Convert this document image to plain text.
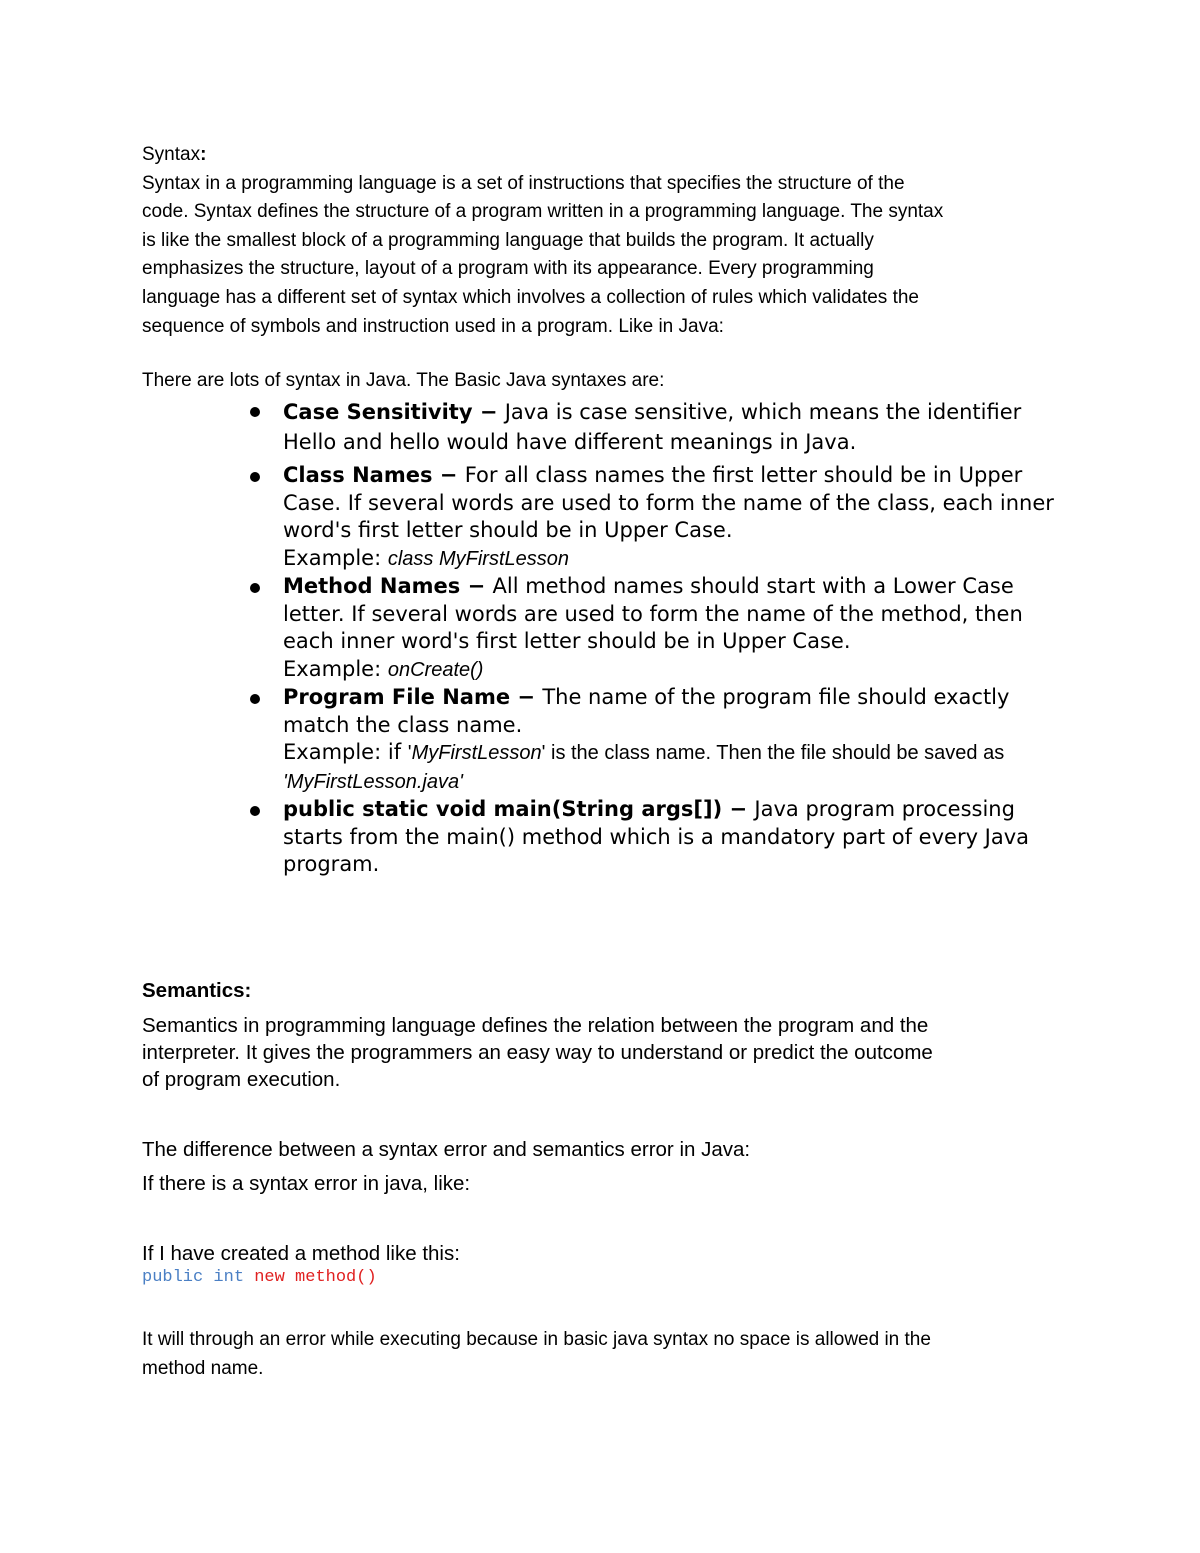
Syntax:
Syntax in a programming language is a set of instructions that specifies the structure of the
code. Syntax defines the structure of a program written in a programming language. The syntax
is like the smallest block of a programming language that builds the program. It actually
emphasizes the structure, layout of a program with its appearance. Every programming
language has a different set of syntax which involves a collection of rules which validates the
sequence of symbols and instruction used in a program. Like in Java:
There are lots of syntax in Java. The Basic Java syntaxes are:
Case Sensitivity − Java is case sensitive, which means the identifier Hello and hello would have different meanings in Java.
Class Names − For all class names the first letter should be in Upper Case. If several words are used to form the name of the class, each inner word's first letter should be in Upper Case.
Example: class MyFirstLesson
Method Names − All method names should start with a Lower Case letter. If several words are used to form the name of the method, then each inner word's first letter should be in Upper Case.
Example: onCreate()
Program File Name − The name of the program file should exactly match the class name.
Example: if 'MyFirstLesson' is the class name. Then the file should be saved as 'MyFirstLesson.java'
public static void main(String args[]) − Java program processing starts from the main() method which is a mandatory part of every Java program.
Semantics:
Semantics in programming language defines the relation between the program and the
interpreter. It gives the programmers an easy way to understand or predict the outcome
of program execution.
The difference between a syntax error and semantics error in Java:
If there is a syntax error in java, like:
If I have created a method like this:
public int new method()
It will through an error while executing because in basic java syntax no space is allowed in the
method name.
